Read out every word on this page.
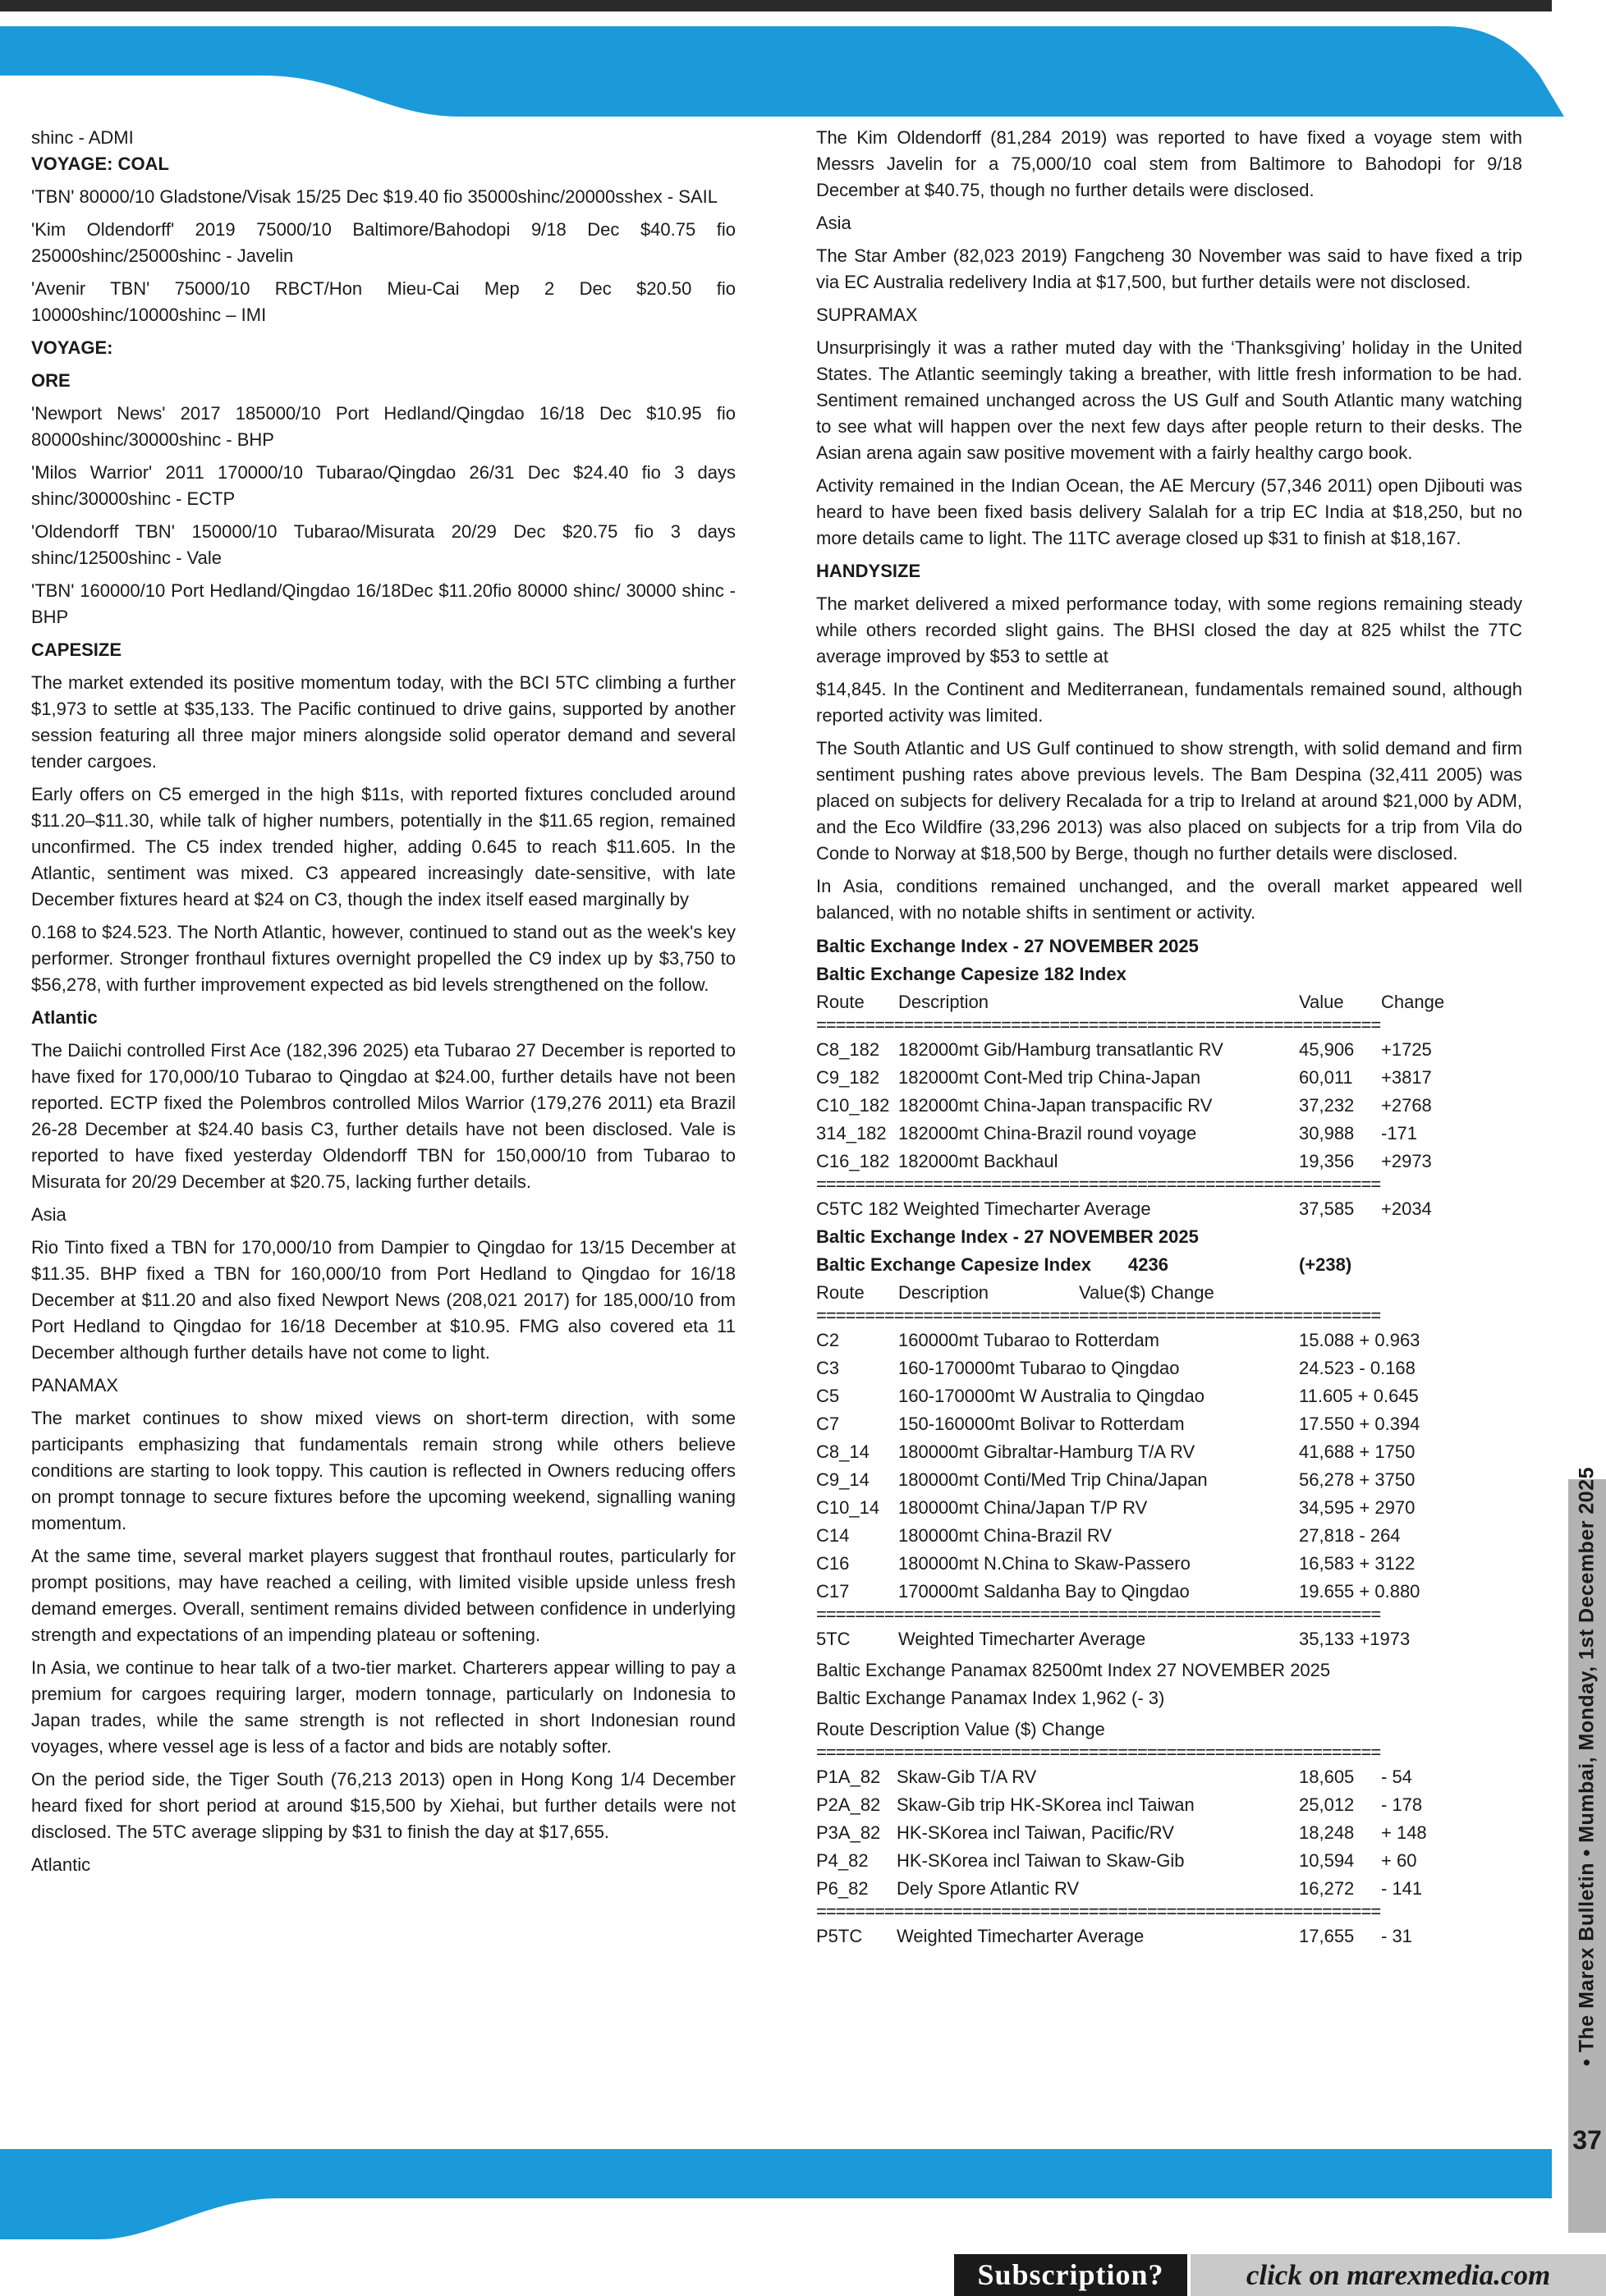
shinc - ADMI

VOYAGE: COAL

'TBN' 80000/10 Gladstone/Visak 15/25 Dec $19.40 fio 35000shinc/20000sshex - SAIL

'Kim Oldendorff' 2019 75000/10 Baltimore/Bahodopi 9/18 Dec $40.75 fio 25000shinc/25000shinc - Javelin

'Avenir TBN' 75000/10 RBCT/Hon Mieu-Cai Mep 2 Dec $20.50 fio 10000shinc/10000shinc – IMI

VOYAGE:

ORE

'Newport News' 2017 185000/10 Port Hedland/Qingdao 16/18 Dec $10.95 fio 80000shinc/30000shinc - BHP

'Milos Warrior' 2011 170000/10 Tubarao/Qingdao 26/31 Dec $24.40 fio 3 days shinc/30000shinc - ECTP

'Oldendorff TBN' 150000/10 Tubarao/Misurata 20/29 Dec $20.75 fio 3 days shinc/12500shinc - Vale

'TBN' 160000/10 Port Hedland/Qingdao 16/18Dec $11.20fio 80000 shinc/ 30000 shinc - BHP

CAPESIZE

The market extended its positive momentum today, with the BCI 5TC climbing a further $1,973 to settle at $35,133. The Pacific continued to drive gains, supported by another session featuring all three major miners alongside solid operator demand and several tender cargoes.

Early offers on C5 emerged in the high $11s, with reported fixtures concluded around $11.20–$11.30, while talk of higher numbers, potentially in the $11.65 region, remained unconfirmed. The C5 index trended higher, adding 0.645 to reach $11.605. In the Atlantic, sentiment was mixed. C3 appeared increasingly date-sensitive, with late December fixtures heard at $24 on C3, though the index itself eased marginally by

0.168 to $24.523. The North Atlantic, however, continued to stand out as the week's key performer. Stronger fronthaul fixtures overnight propelled the C9 index up by $3,750 to $56,278, with further improvement expected as bid levels strengthened on the follow.

Atlantic

The Daiichi controlled First Ace (182,396 2025) eta Tubarao 27 December is reported to have fixed for 170,000/10 Tubarao to Qingdao at $24.00, further details have not been reported. ECTP fixed the Polembros controlled Milos Warrior (179,276 2011) eta Brazil 26-28 December at $24.40 basis C3, further details have not been disclosed. Vale is reported to have fixed yesterday Oldendorff TBN for 150,000/10 from Tubarao to Misurata for 20/29 December at $20.75, lacking further details.

Asia

Rio Tinto fixed a TBN for 170,000/10 from Dampier to Qingdao for 13/15 December at $11.35. BHP fixed a TBN for 160,000/10 from Port Hedland to Qingdao for 16/18 December at $11.20 and also fixed Newport News (208,021 2017) for 185,000/10 from Port Hedland to Qingdao for 16/18 December at $10.95. FMG also covered eta 11 December although further details have not come to light.

PANAMAX

The market continues to show mixed views on short-term direction, with some participants emphasizing that fundamentals remain strong while others believe conditions are starting to look toppy. This caution is reflected in Owners reducing offers on prompt tonnage to secure fixtures before the upcoming weekend, signalling waning momentum.

At the same time, several market players suggest that fronthaul routes, particularly for prompt positions, may have reached a ceiling, with limited visible upside unless fresh demand emerges. Overall, sentiment remains divided between confidence in underlying strength and expectations of an impending plateau or softening.

In Asia, we continue to hear talk of a two-tier market. Charterers appear willing to pay a premium for cargoes requiring larger, modern tonnage, particularly on Indonesia to Japan trades, while the same strength is not reflected in short Indonesian round voyages, where vessel age is less of a factor and bids are notably softer.

On the period side, the Tiger South (76,213 2013) open in Hong Kong 1/4 December heard fixed for short period at around $15,500 by Xiehai, but further details were not disclosed. The 5TC average slipping by $31 to finish the day at $17,655.

Atlantic

The Kim Oldendorff (81,284 2019) was reported to have fixed a voyage stem with Messrs Javelin for a 75,000/10 coal stem from Baltimore to Bahodopi for 9/18 December at $40.75, though no further details were disclosed.

Asia

The Star Amber (82,023 2019) Fangcheng 30 November was said to have fixed a trip via EC Australia redelivery India at $17,500, but further details were not disclosed.

SUPRAMAX

Unsurprisingly it was a rather muted day with the ‘Thanksgiving’ holiday in the United States. The Atlantic seemingly taking a breather, with little fresh information to be had. Sentiment remained unchanged across the US Gulf and South Atlantic many watching to see what will happen over the next few days after people return to their desks. The Asian arena again saw positive movement with a fairly healthy cargo book.

Activity remained in the Indian Ocean, the AE Mercury (57,346 2011) open Djibouti was heard to have been fixed basis delivery Salalah for a trip EC India at $18,250, but no more details came to light. The 11TC average closed up $31 to finish at $18,167.

HANDYSIZE

The market delivered a mixed performance today, with some regions remaining steady while others recorded slight gains. The BHSI closed the day at 825 whilst the 7TC average improved by $53 to settle at

$14,845. In the Continent and Mediterranean, fundamentals remained sound, although reported activity was limited.

The South Atlantic and US Gulf continued to show strength, with solid demand and firm sentiment pushing rates above previous levels. The Bam Despina (32,411 2005) was placed on subjects for delivery Recalada for a trip to Ireland at around $21,000 by ADM, and the Eco Wildfire (33,296 2013) was also placed on subjects for a trip from Vila do Conde to Norway at $18,500 by Berge, though no further details were disclosed.

In Asia, conditions remained unchanged, and the overall market appeared well balanced, with no notable shifts in sentiment or activity.

Baltic Exchange Index - 27 NOVEMBER 2025
Baltic Exchange Capesize 182 Index
Route	Description	Value	Change
==========================================================
C8_182	182000mt Gib/Hamburg transatlantic RV	45,906	+1725
C9_182	182000mt Cont-Med trip China-Japan	60,011	+3817
C10_182 182000mt China-Japan transpacific RV	37,232	+2768
314_182 182000mt China-Brazil round voyage	30,988	-171
C16_182 182000mt Backhaul	19,356	+2973
==========================================================
C5TC 182 Weighted Timecharter Average	37,585	+2034
Baltic Exchange Index - 27 NOVEMBER 2025
Baltic Exchange Capesize Index	4236	(+238)
Route	Description	Value($) Change
==========================================================
C2	160000mt Tubarao to Rotterdam	15.088 + 0.963
C3	160-170000mt Tubarao to Qingdao	24.523 - 0.168
C5	160-170000mt W Australia to Qingdao	11.605 + 0.645
C7	150-160000mt Bolivar to Rotterdam	17.550 + 0.394
C8_14	180000mt Gibraltar-Hamburg T/A RV	41,688 + 1750
C9_14	180000mt Conti/Med Trip China/Japan	56,278 + 3750
C10_14	180000mt China/Japan T/P RV	34,595 + 2970
C14	180000mt China-Brazil RV	27,818 - 264
C16	180000mt N.China to Skaw-Passero	16,583 + 3122
C17	170000mt Saldanha Bay to Qingdao	19.655 + 0.880
==========================================================
5TC	Weighted Timecharter Average	35,133 +1973
Baltic Exchange Panamax 82500mt Index 27 NOVEMBER 2025
Baltic Exchange Panamax Index 1,962 (- 3)
Route Description Value ($) Change
==========================================================
P1A_82 Skaw-Gib T/A RV	18,605	- 54
P2A_82 Skaw-Gib trip HK-SKorea incl Taiwan	25,012	- 178
P3A_82 HK-SKorea incl Taiwan, Pacific/RV	18,248	+ 148
P4_82	HK-SKorea incl Taiwan to Skaw-Gib	10,594	+ 60
P6_82	Dely Spore Atlantic RV	16,272	- 141
==========================================================
P5TC	Weighted Timecharter Average	17,655	- 31
• The Marex Bulletin • Mumbai, Monday, 1st December 2025
37
Subscription?	click on marexmedia.com
